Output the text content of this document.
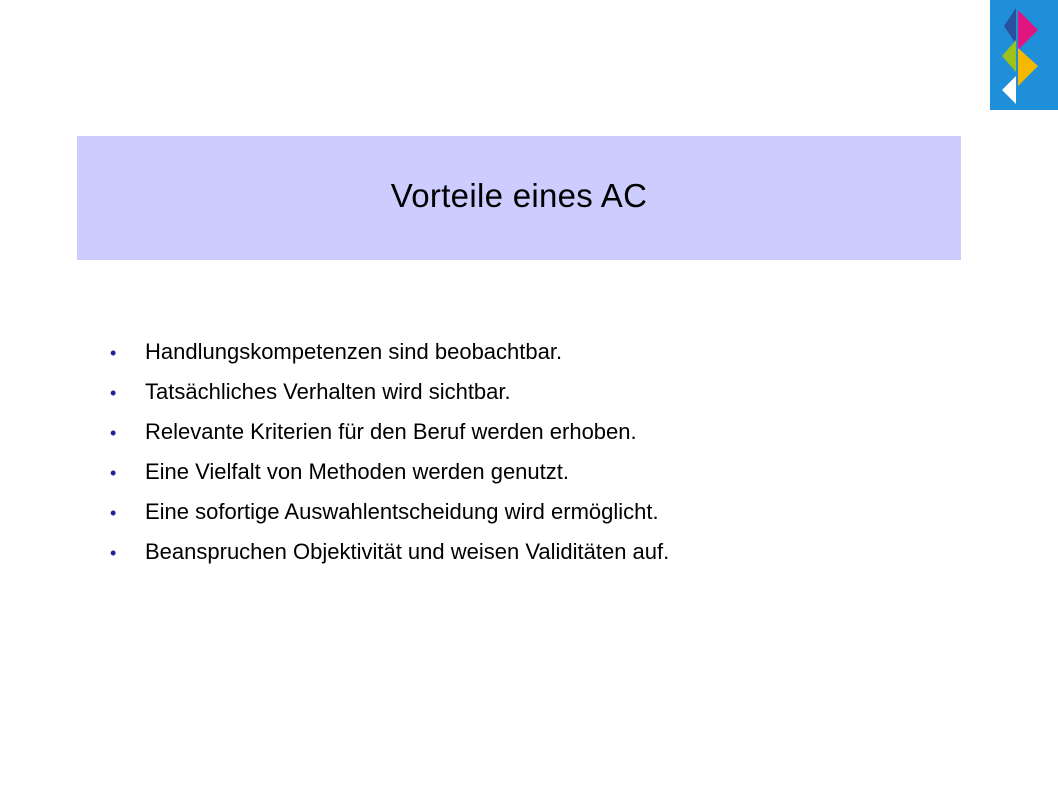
Vorteile eines AC
•	Handlungskompetenzen sind beobachtbar.
•	Tatsächliches Verhalten wird sichtbar.
•	Relevante Kriterien für den Beruf werden erhoben.
•	Eine Vielfalt von Methoden werden genutzt.
•	Eine sofortige Auswahlentscheidung wird ermöglicht.
•	Beanspruchen Objektivität und weisen Validitäten auf.
